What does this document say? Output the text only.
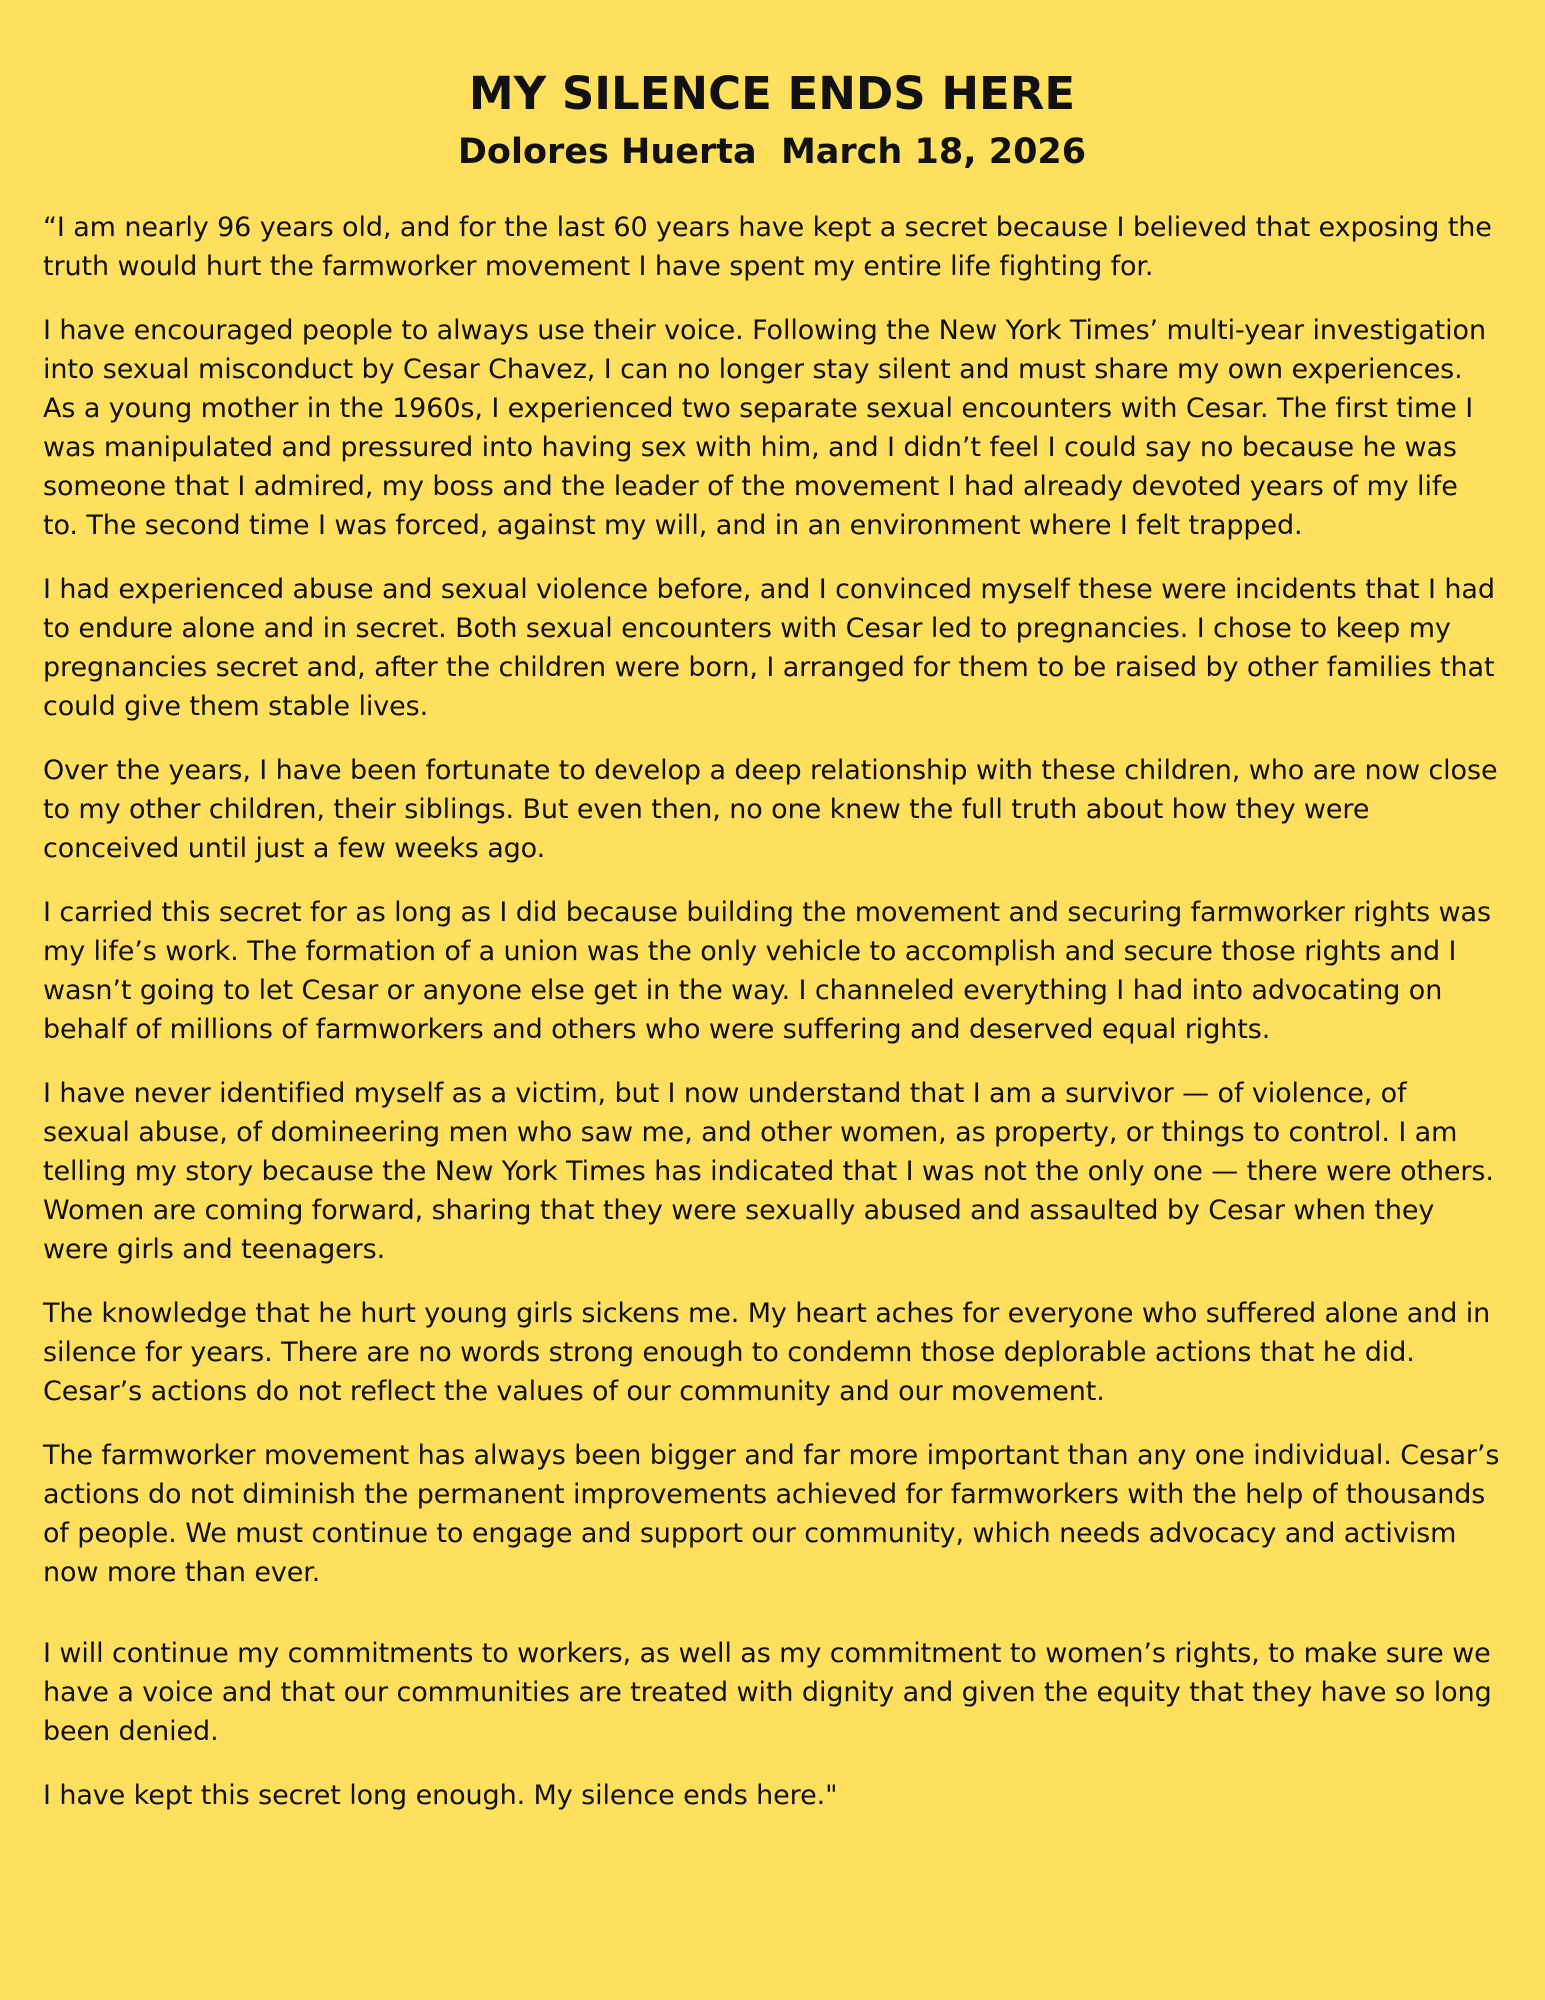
MY SILENCE ENDS HERE
Dolores Huerta March 18, 2026

“I am nearly 96 years old, and for the last 60 years have kept a secret because I believed that exposing the truth would hurt the farmworker movement I have spent my entire life fighting for.

I have encouraged people to always use their voice. Following the New York Times’ multi-year investigation into sexual misconduct by Cesar Chavez, I can no longer stay silent and must share my own experiences. As a young mother in the 1960s, I experienced two separate sexual encounters with Cesar. The first time I was manipulated and pressured into having sex with him, and I didn’t feel I could say no because he was someone that I admired, my boss and the leader of the movement I had already devoted years of my life to. The second time I was forced, against my will, and in an environment where I felt trapped.

I had experienced abuse and sexual violence before, and I convinced myself these were incidents that I had to endure alone and in secret. Both sexual encounters with Cesar led to pregnancies. I chose to keep my pregnancies secret and, after the children were born, I arranged for them to be raised by other families that could give them stable lives.

Over the years, I have been fortunate to develop a deep relationship with these children, who are now close to my other children, their siblings. But even then, no one knew the full truth about how they were conceived until just a few weeks ago.

I carried this secret for as long as I did because building the movement and securing farmworker rights was my life’s work. The formation of a union was the only vehicle to accomplish and secure those rights and I wasn’t going to let Cesar or anyone else get in the way. I channeled everything I had into advocating on behalf of millions of farmworkers and others who were suffering and deserved equal rights.

I have never identified myself as a victim, but I now understand that I am a survivor — of violence, of sexual abuse, of domineering men who saw me, and other women, as property, or things to control. I am telling my story because the New York Times has indicated that I was not the only one — there were others. Women are coming forward, sharing that they were sexually abused and assaulted by Cesar when they were girls and teenagers.

The knowledge that he hurt young girls sickens me. My heart aches for everyone who suffered alone and in silence for years. There are no words strong enough to condemn those deplorable actions that he did. Cesar’s actions do not reflect the values of our community and our movement.

The farmworker movement has always been bigger and far more important than any one individual. Cesar’s actions do not diminish the permanent improvements achieved for farmworkers with the help of thousands of people. We must continue to engage and support our community, which needs advocacy and activism now more than ever.

I will continue my commitments to workers, as well as my commitment to women’s rights, to make sure we have a voice and that our communities are treated with dignity and given the equity that they have so long been denied.

I have kept this secret long enough. My silence ends here."
